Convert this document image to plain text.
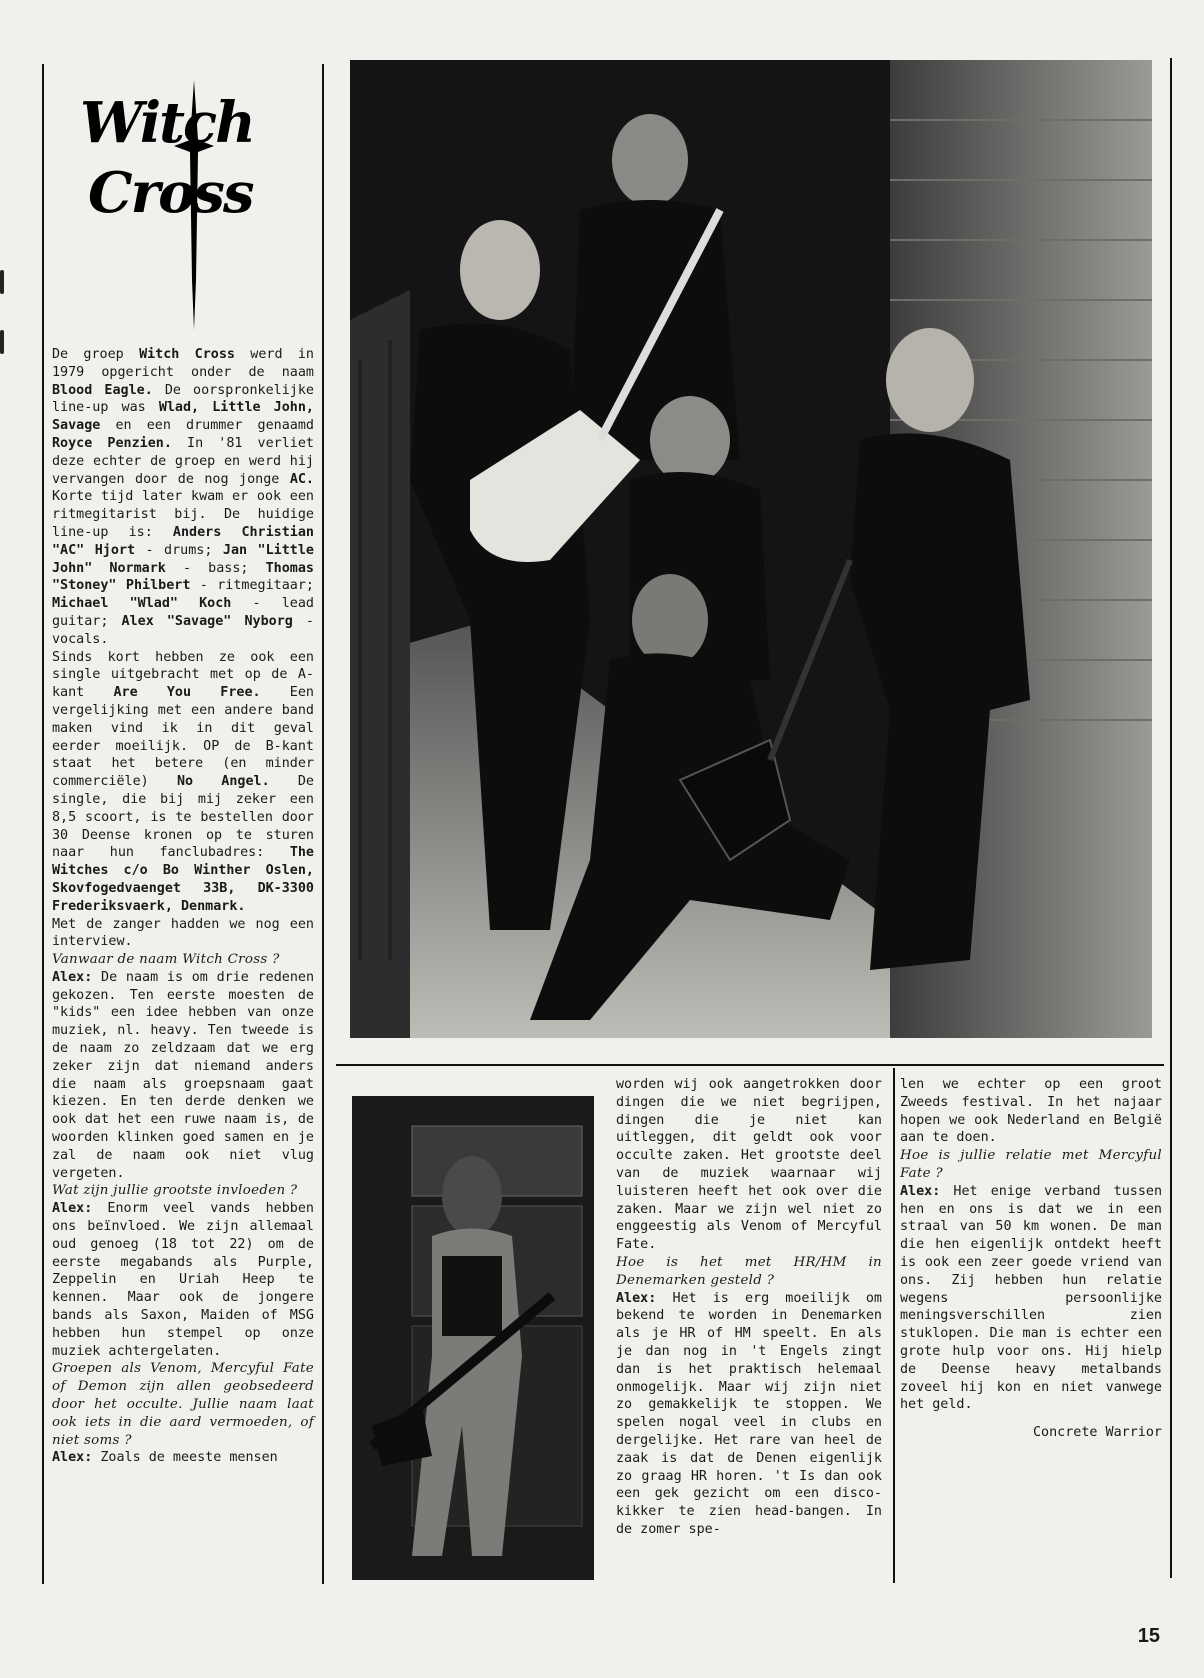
Witch
Cross

De groep Witch Cross werd in 1979 opgericht onder de naam Blood Eagle. De oorspronkelijke line-up was Wlad, Little John, Savage en een drummer genaamd Royce Penzien. In '81 verliet deze echter de groep en werd hij vervangen door de nog jonge AC. Korte tijd later kwam er ook een ritmegitarist bij. De huidige line-up is: Anders Christian "AC" Hjort - drums; Jan "Little John" Normark - bass; Thomas "Stoney" Philbert - ritmegitaar; Michael "Wlad" Koch - lead guitar; Alex "Savage" Nyborg - vocals.

Sinds kort hebben ze ook een single uitgebracht met op de A-kant Are You Free. Een vergelijking met een andere band maken vind ik in dit geval eerder moeilijk. OP de B-kant staat het betere (en minder commerciële) No Angel. De single, die bij mij zeker een 8,5 scoort, is te bestellen door 30 Deense kronen op te sturen naar hun fanclubadres: The Witches c/o Bo Winther Oslen, Skovfogedvaenget 33B, DK-3300 Frederiksvaerk, Denmark.

Met de zanger hadden we nog een interview.

Vanwaar de naam Witch Cross ?

Alex: De naam is om drie redenen gekozen. Ten eerste moesten de "kids" een idee hebben van onze muziek, nl. heavy. Ten tweede is de naam zo zeldzaam dat we erg zeker zijn dat niemand anders die naam als groepsnaam gaat kiezen. En ten derde denken we ook dat het een ruwe naam is, de woorden klinken goed samen en je zal de naam ook niet vlug vergeten.

Wat zijn jullie grootste invloeden ?

Alex: Enorm veel vands hebben ons beïnvloed. We zijn allemaal oud genoeg (18 tot 22) om de eerste megabands als Purple, Zeppelin en Uriah Heep te kennen. Maar ook de jongere bands als Saxon, Maiden of MSG hebben hun stempel op onze muziek achtergelaten.

Groepen als Venom, Mercyful Fate of Demon zijn allen geobsedeerd door het occulte. Jullie naam laat ook iets in die aard vermoeden, of niet soms ?

Alex: Zoals de meeste mensen

worden wij ook aangetrokken door dingen die we niet begrijpen, dingen die je niet kan uitleggen, dit geldt ook voor occulte zaken. Het grootste deel van de muziek waarnaar wij luisteren heeft het ook over die zaken. Maar we zijn wel niet zo enggeestig als Venom of Mercyful Fate.

Hoe is het met HR/HM in Denemarken gesteld ?

Alex: Het is erg moeilijk om bekend te worden in Denemarken als je HR of HM speelt. En als je dan nog in 't Engels zingt dan is het praktisch helemaal onmogelijk. Maar wij zijn niet zo gemakkelijk te stoppen. We spelen nogal veel in clubs en dergelijke. Het rare van heel de zaak is dat de Denen eigenlijk zo graag HR horen. 't Is dan ook een gek gezicht om een disco-kikker te zien head-bangen. In de zomer spe-

len we echter op een groot Zweeds festival. In het najaar hopen we ook Nederland en België aan te doen.

Hoe is jullie relatie met Mercyful Fate ?

Alex: Het enige verband tussen hen en ons is dat we in een straal van 50 km wonen. De man die hen eigenlijk ontdekt heeft is ook een zeer goede vriend van ons. Zij hebben hun relatie wegens persoonlijke meningsverschillen zien stuklopen. Die man is echter een grote hulp voor ons. Hij hielp de Deense heavy metalbands zoveel hij kon en niet vanwege het geld.

Concrete Warrior

15
